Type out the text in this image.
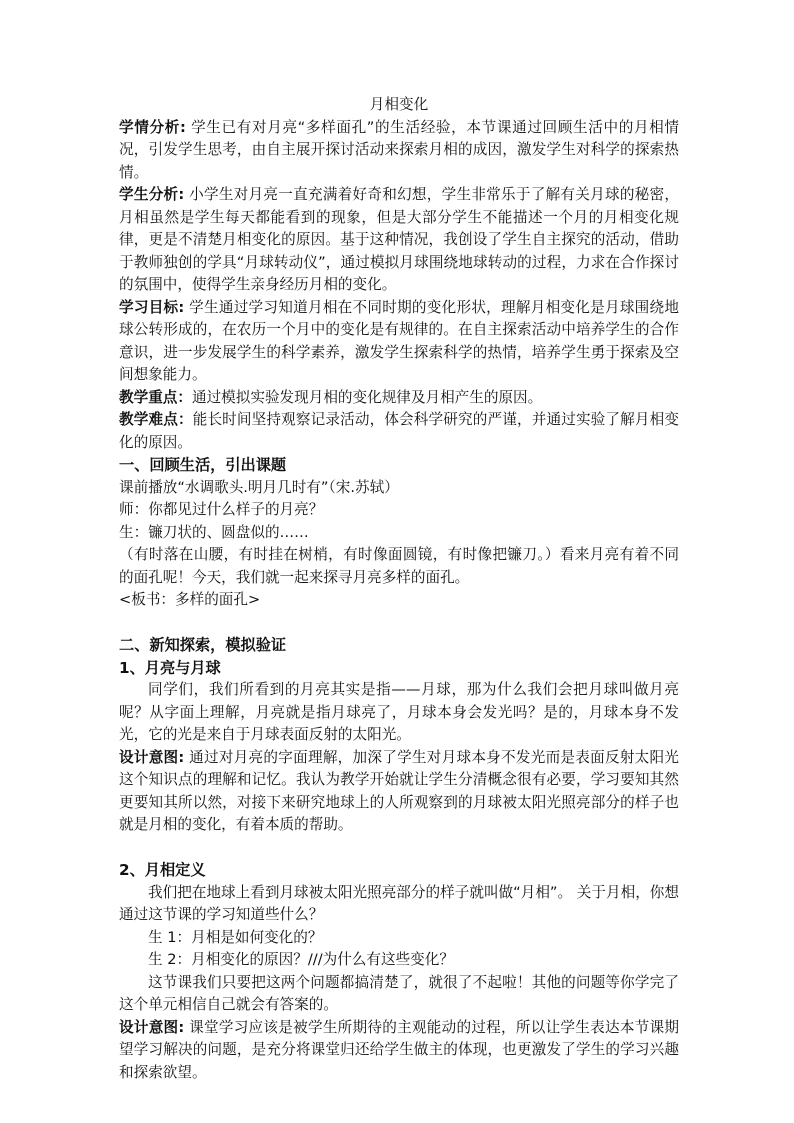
月相变化

学情分析: 学生已有对月亮“多样面孔”的生活经验，本节课通过回顾生活中的月相情况，引发学生思考，由自主展开探讨活动来探索月相的成因，激发学生对科学的探索热情。

学生分析: 小学生对月亮一直充满着好奇和幻想，学生非常乐于了解有关月球的秘密，月相虽然是学生每天都能看到的现象，但是大部分学生不能描述一个月的月相变化规律，更是不清楚月相变化的原因。基于这种情况，我创设了学生自主探究的活动，借助于教师独创的学具“月球转动仪”，通过模拟月球围绕地球转动的过程，力求在合作探讨的氛围中，使得学生亲身经历月相的变化。

学习目标: 学生通过学习知道月相在不同时期的变化形状，理解月相变化是月球围绕地球公转形成的，在农历一个月中的变化是有规律的。在自主探索活动中培养学生的合作意识，进一步发展学生的科学素养，激发学生探索科学的热情，培养学生勇于探索及空间想象能力。

教学重点：通过模拟实验发现月相的变化规律及月相产生的原因。

教学难点：能长时间坚持观察记录活动，体会科学研究的严谨，并通过实验了解月相变化的原因。

一、回顾生活，引出课题

课前播放“水调歌头.明月几时有”（宋.苏轼）

师：你都见过什么样子的月亮？

生：镰刀状的、圆盘似的……

（有时落在山腰，有时挂在树梢，有时像面圆镜，有时像把镰刀。）看来月亮有着不同的面孔呢！今天，我们就一起来探寻月亮多样的面孔。

<板书：多样的面孔>

二、新知探索，模拟验证

1、月亮与月球

同学们，我们所看到的月亮其实是指——月球，那为什么我们会把月球叫做月亮呢？从字面上理解，月亮就是指月球亮了，月球本身会发光吗？是的，月球本身不发光，它的光是来自于月球表面反射的太阳光。

设计意图: 通过对月亮的字面理解，加深了学生对月球本身不发光而是表面反射太阳光这个知识点的理解和记忆。我认为教学开始就让学生分清概念很有必要，学习要知其然更要知其所以然，对接下来研究地球上的人所观察到的月球被太阳光照亮部分的样子也就是月相的变化，有着本质的帮助。

2、月相定义

我们把在地球上看到月球被太阳光照亮部分的样子就叫做“月相”。 关于月相，你想通过这节课的学习知道些什么？

生 1：月相是如何变化的？

生 2：月相变化的原因？///为什么有这些变化？

这节课我们只要把这两个问题都搞清楚了，就很了不起啦！其他的问题等你学完了这个单元相信自己就会有答案的。

设计意图: 课堂学习应该是被学生所期待的主观能动的过程，所以让学生表达本节课期望学习解决的问题，是充分将课堂归还给学生做主的体现，也更激发了学生的学习兴趣和探索欲望。
